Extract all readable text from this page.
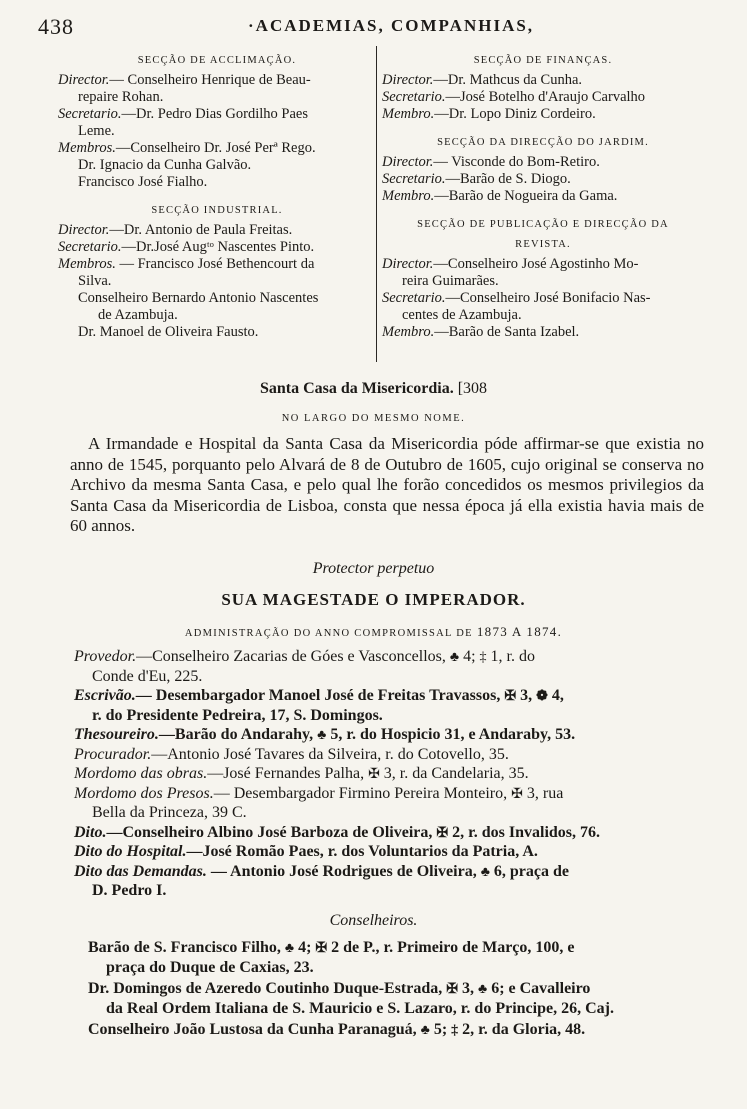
438	·ACADEMIAS, COMPANHIAS,
SECÇÃO DE ACCLIMAÇÃO.

Director.— Conselheiro Henrique de Beau-
repaire Rohan.

Secretario.—Dr. Pedro Dias Gordilho Paes
Leme.

Membros.—Conselheiro Dr. José Perª Rego.

Dr. Ignacio da Cunha Galvão.

Francisco José Fialho.

SECÇÃO INDUSTRIAL.

Director.—Dr. Antonio de Paula Freitas.

Secretario.—Dr.José Augᵗᵒ Nascentes Pinto.

Membros. — Francisco José Bethencourt da
Silva.

Conselheiro Bernardo Antonio Nascentes
de Azambuja.

Dr. Manoel de Oliveira Fausto.

SECÇÃO DE FINANÇAS.

Director.—Dr. Mathcus da Cunha.

Secretario.—José Botelho d'Araujo Carvalho

Membro.—Dr. Lopo Diniz Cordeiro.

SECÇÃO DA DIRECÇÃO DO JARDIM.

Director.— Visconde do Bom-Retiro.

Secretario.—Barão de S. Diogo.

Membro.—Barão de Nogueira da Gama.

SECÇÃO DE PUBLICAÇÃO E DIRECÇÃO DA
REVISTA.

Director.—Conselheiro José Agostinho Mo-
reira Guimarães.

Secretario.—Conselheiro José Bonifacio Nas-
centes de Azambuja.

Membro.—Barão de Santa Izabel.

Santa Casa da Misericordia. [308
NO LARGO DO MESMO NOME.

A Irmandade e Hospital da Santa Casa da Misericordia póde affirmar-se que existia no anno de 1545, porquanto pelo Alvará de 8 de Outubro de 1605, cujo original se conserva no Archivo da mesma Santa Casa, e pelo qual lhe forão concedidos os mesmos privilegios da Santa Casa da Misericordia de Lisboa, consta que nessa época já ella existia havia mais de 60 annos.

Protector perpetuo
SUA MAGESTADE O IMPERADOR.
ADMINISTRAÇÃO DO ANNO COMPROMISSAL DE 1873 A 1874.

Provedor.—Conselheiro Zacarias de Góes e Vasconcellos, ♣ 4; ‡ 1, r. do
Conde d'Eu, 225.

Escrivão.— Desembargador Manoel José de Freitas Travassos, ✠ 3, ❁ 4,
r. do Presidente Pedreira, 17, S. Domingos.

Thesoureiro.—Barão do Andarahy, ♣ 5, r. do Hospicio 31, e Andaraby, 53.

Procurador.—Antonio José Tavares da Silveira, r. do Cotovello, 35.

Mordomo das obras.—José Fernandes Palha, ✠ 3, r. da Candelaria, 35.

Mordomo dos Presos.— Desembargador Firmino Pereira Monteiro, ✠ 3, rua
Bella da Princeza, 39 C.

Dito.—Conselheiro Albino José Barboza de Oliveira, ✠ 2, r. dos Invalidos, 76.

Dito do Hospital.—José Romão Paes, r. dos Voluntarios da Patria, A.

Dito das Demandas. — Antonio José Rodrigues de Oliveira, ♣ 6, praça de
D. Pedro I.

Conselheiros.

Barão de S. Francisco Filho, ♣ 4; ✠ 2 de P., r. Primeiro de Março, 100, e
praça do Duque de Caxias, 23.

Dr. Domingos de Azeredo Coutinho Duque-Estrada, ✠ 3, ♣ 6; e Cavalleiro
da Real Ordem Italiana de S. Mauricio e S. Lazaro, r. do Principe, 26, Caj.

Conselheiro João Lustosa da Cunha Paranaguá, ♣ 5; ‡ 2, r. da Gloria, 48.
